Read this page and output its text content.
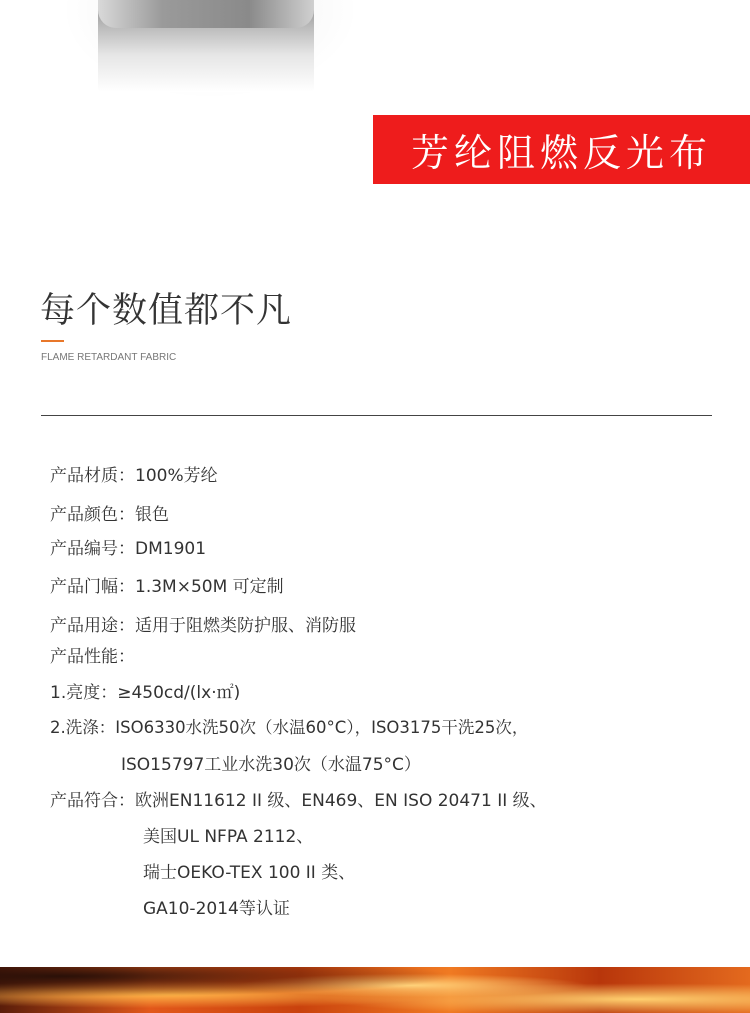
芳纶阻燃反光布
每个数值都不凡
FLAME RETARDANT FABRIC
产品材质：100%芳纶
产品颜色：银色
产品编号：DM1901
产品门幅：1.3M×50M 可定制
产品用途：适用于阻燃类防护服、消防服
产品性能：
1.亮度：≥450cd/(lx·㎡)
2.洗涤：ISO6330水洗50次（水温60°C），ISO3175干洗25次，
ISO15797工业水洗30次（水温75°C）
产品符合：欧洲EN11612 II 级、EN469、EN ISO 20471 II 级、
美国UL NFPA 2112、
瑞士OEKO-TEX 100 II 类、
GA10-2014等认证
